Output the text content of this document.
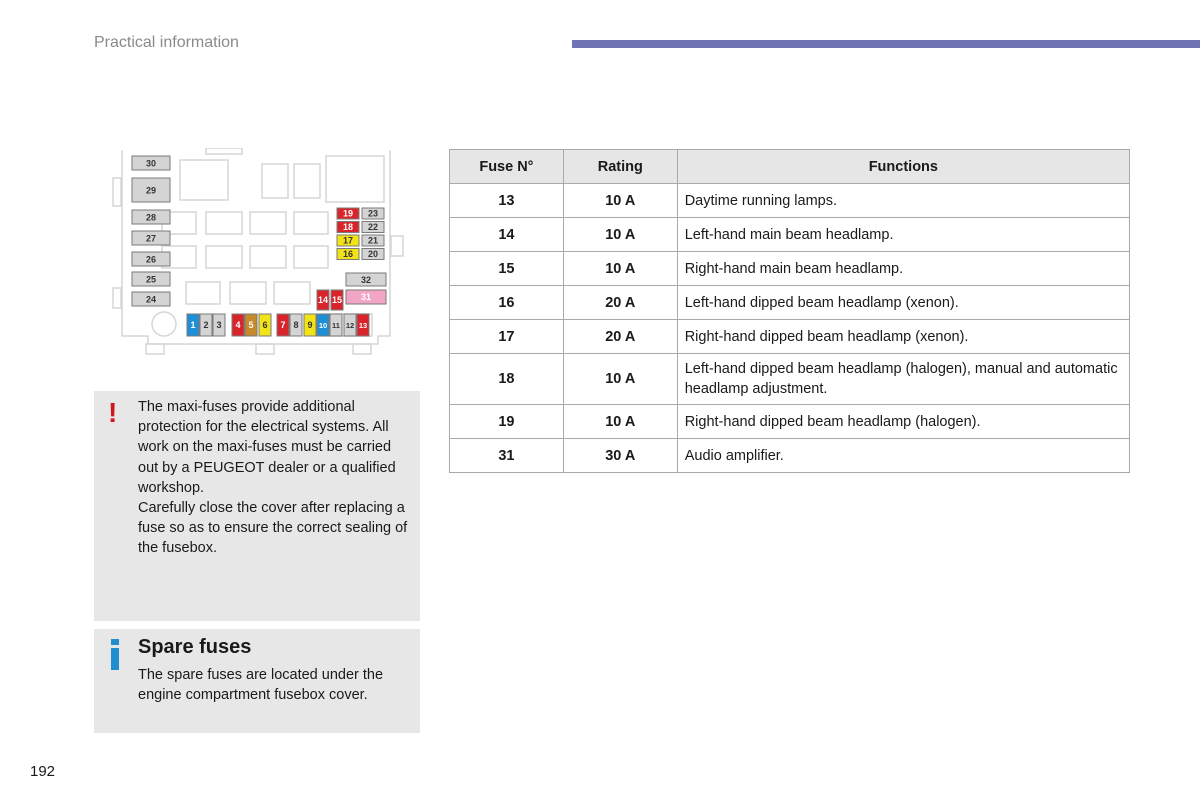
Practical information
30
29
28
27
26
25
24
19 23
18 22
17 21
16 20
1 2 3 4 5 6 7 8 9 10 11 12 13
32
31
14 15
! The maxi-fuses provide additional protection for the electrical systems. All work on the maxi-fuses must be carried out by a PEUGEOT dealer or a qualified workshop.

Carefully close the cover after replacing a fuse so as to ensure the correct sealing of the fusebox.

Spare fuses
The spare fuses are located under the engine compartment fusebox cover.
Fuse N°	Rating	Functions
13	10 A	Daytime running lamps.
14	10 A	Left-hand main beam headlamp.
15	10 A	Right-hand main beam headlamp.
16	20 A	Left-hand dipped beam headlamp (xenon).
17	20 A	Right-hand dipped beam headlamp (xenon).
18	10 A	Left-hand dipped beam headlamp (halogen), manual and automatic headlamp adjustment.
19	10 A	Right-hand dipped beam headlamp (halogen).
31	30 A	Audio amplifier.
192
